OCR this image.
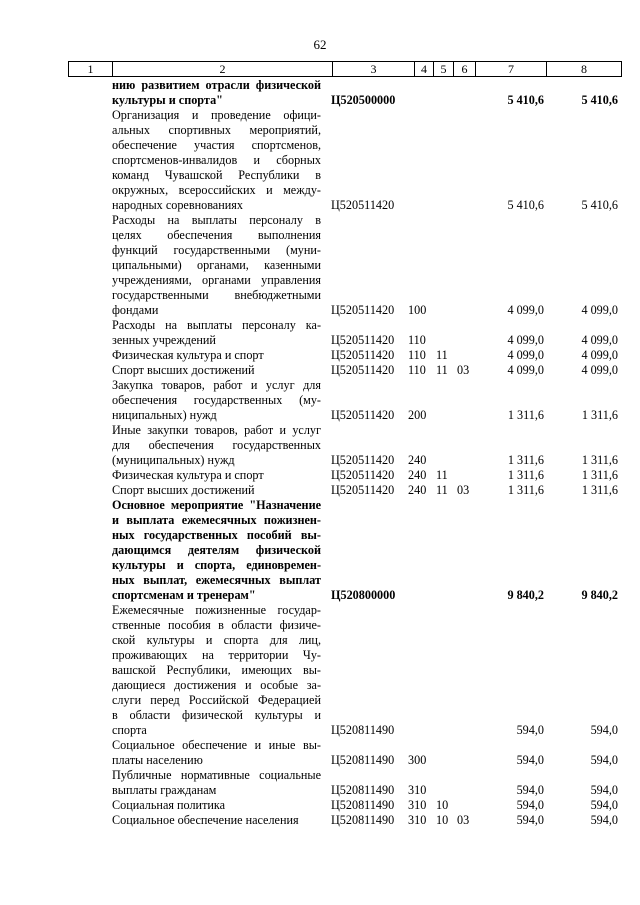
62
1	2	3	4	5	6	7	8
нию развитием отрасли физической
культуры и спорта"	Ц520500000	5 410,6	5 410,6
Организация и проведение офици-
альных спортивных мероприятий,
обеспечение участия спортсменов,
спортсменов-инвалидов и сборных
команд Чувашской Республики в
окружных, всероссийских и между-
народных соревнованиях	Ц520511420	5 410,6	5 410,6
Расходы на выплаты персоналу в
целях обеспечения выполнения
функций государственными (муни-
ципальными) органами, казенными
учреждениями, органами управления
государственными внебюджетными
фондами	Ц520511420 100	4 099,0	4 099,0
Расходы на выплаты персоналу ка-
зенных учреждений	Ц520511420 110	4 099,0	4 099,0
Физическая культура и спорт	Ц520511420 110 11	4 099,0	4 099,0
Спорт высших достижений	Ц520511420 110 11 03	4 099,0	4 099,0
Закупка товаров, работ и услуг для
обеспечения государственных (му-
ниципальных) нужд	Ц520511420 200	1 311,6	1 311,6
Иные закупки товаров, работ и услуг
для обеспечения государственных
(муниципальных) нужд	Ц520511420 240	1 311,6	1 311,6
Физическая культура и спорт	Ц520511420 240 11	1 311,6	1 311,6
Спорт высших достижений	Ц520511420 240 11 03	1 311,6	1 311,6
Основное мероприятие "Назначение
и выплата ежемесячных пожизнен-
ных государственных пособий вы-
дающимся деятелям физической
культуры и спорта, единовремен-
ных выплат, ежемесячных выплат
спортсменам и тренерам"	Ц520800000	9 840,2	9 840,2
Ежемесячные пожизненные государ-
ственные пособия в области физиче-
ской культуры и спорта для лиц,
проживающих на территории Чу-
вашской Республики, имеющих вы-
дающиеся достижения и особые за-
слуги перед Российской Федерацией
в области физической культуры и
спорта	Ц520811490	594,0	594,0
Социальное обеспечение и иные вы-
платы населению	Ц520811490 300	594,0	594,0
Публичные нормативные социальные
выплаты гражданам	Ц520811490 310	594,0	594,0
Социальная политика	Ц520811490 310 10	594,0	594,0
Социальное обеспечение населения	Ц520811490 310 10 03	594,0	594,0
